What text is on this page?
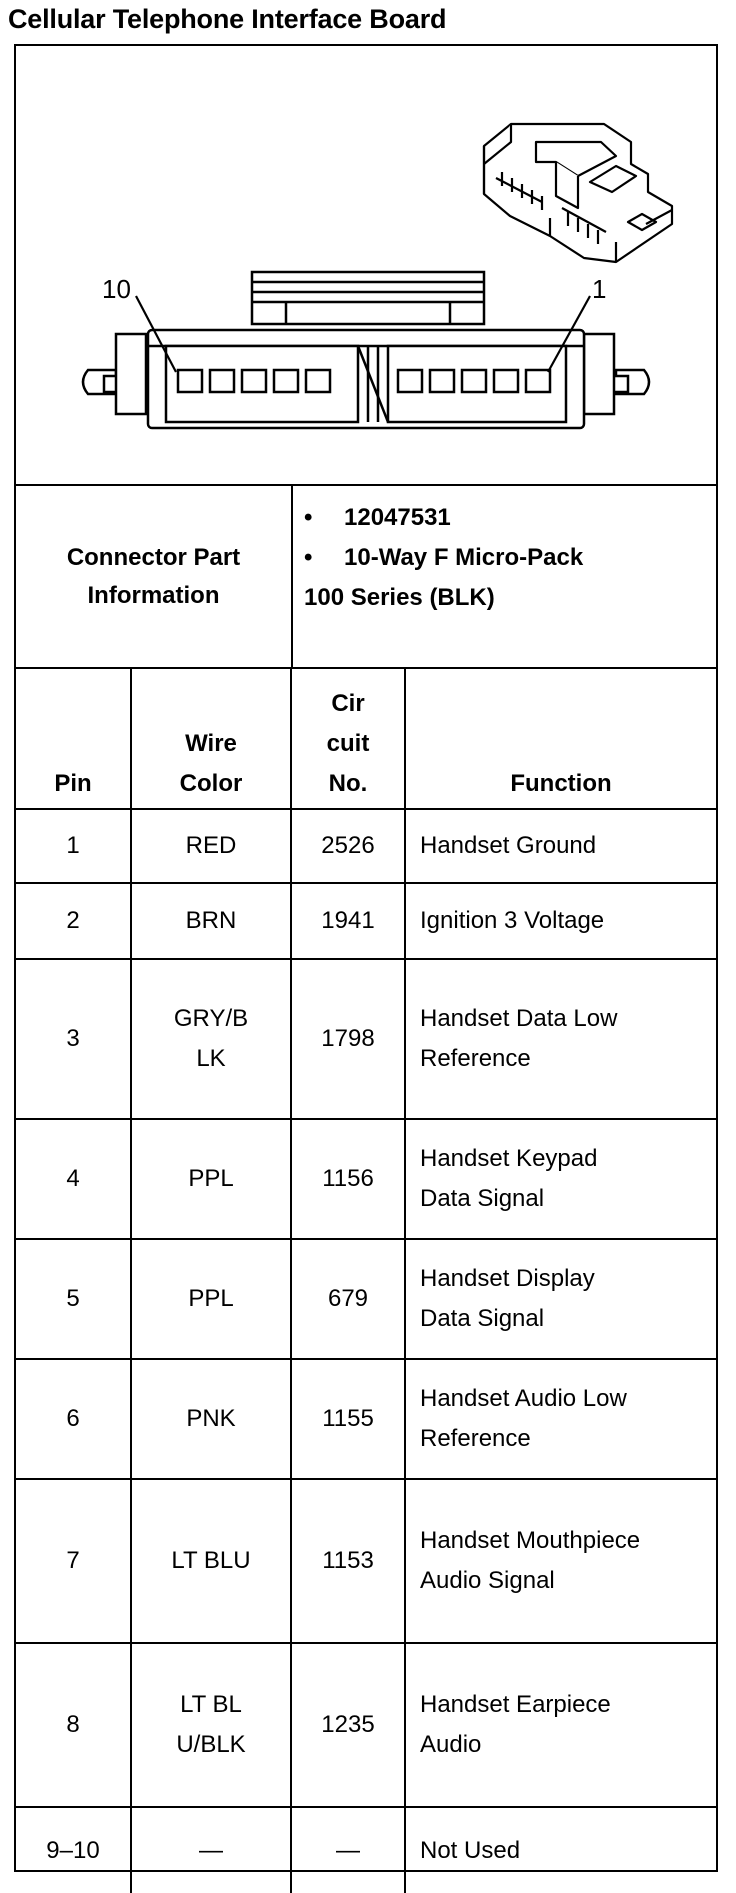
Cellular Telephone Interface Board
10	1
Connector Part Information
• 12047531
• 10-Way F Micro-Pack
100 Series (BLK)
Pin	Wire Color	Cir cuit No.	Function
1	RED	2526	Handset Ground
2	BRN	1941	Ignition 3 Voltage
3	GRY/BLK	1798	Handset Data Low Reference
4	PPL	1156	Handset Keypad Data Signal
5	PPL	679	Handset Display Data Signal
6	PNK	1155	Handset Audio Low Reference
7	LT BLU	1153	Handset Mouthpiece Audio Signal
8	LT BLU/BLK	1235	Handset Earpiece Audio
9–10	—	—	Not Used
